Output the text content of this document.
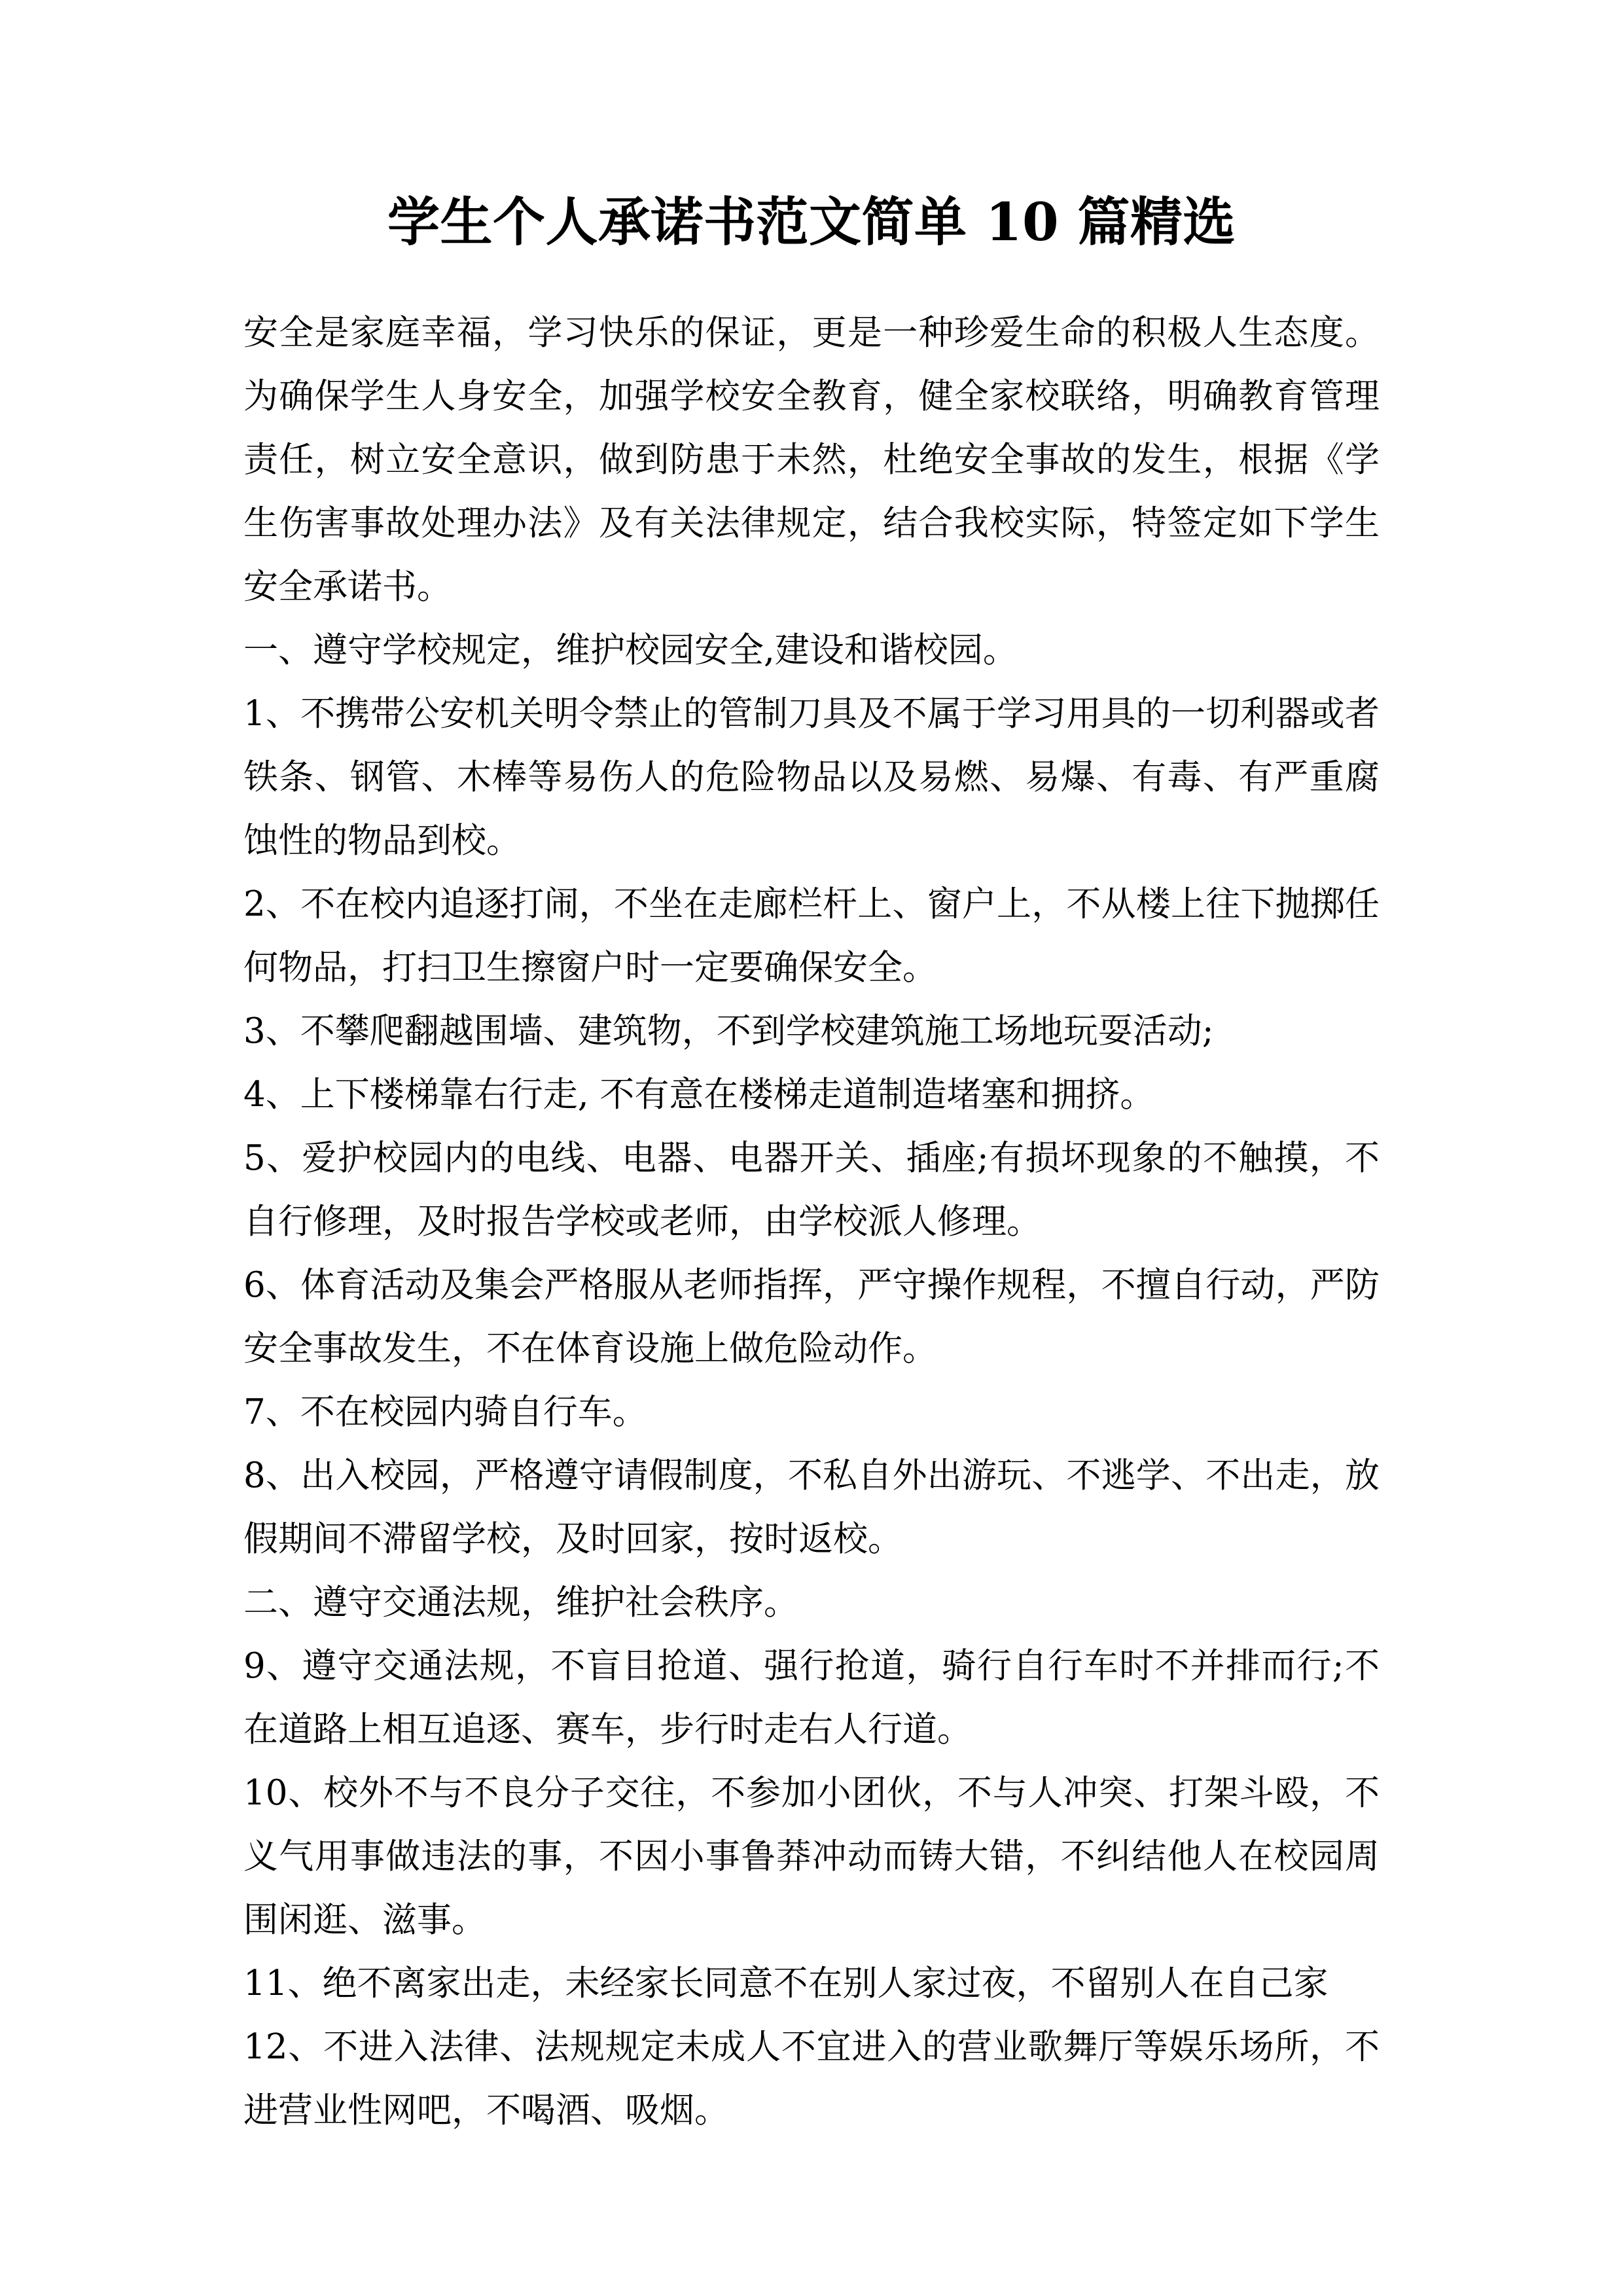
学生个人承诺书范文简单 10 篇精选

安全是家庭幸福，学习快乐的保证，更是一种珍爱生命的积极人生态度。为确保学生人身安全，加强学校安全教育，健全家校联络，明确教育管理责任，树立安全意识，做到防患于未然，杜绝安全事故的发生，根据《学生伤害事故处理办法》及有关法律规定，结合我校实际，特签定如下学生安全承诺书。

一、遵守学校规定，维护校园安全,建设和谐校园。

1、不携带公安机关明令禁止的管制刀具及不属于学习用具的一切利器或者铁条、钢管、木棒等易伤人的危险物品以及易燃、易爆、有毒、有严重腐蚀性的物品到校。

2、不在校内追逐打闹，不坐在走廊栏杆上、窗户上，不从楼上往下抛掷任何物品，打扫卫生擦窗户时一定要确保安全。

3、不攀爬翻越围墙、建筑物，不到学校建筑施工场地玩耍活动;

4、上下楼梯靠右行走, 不有意在楼梯走道制造堵塞和拥挤。

5、爱护校园内的电线、电器、电器开关、插座;有损坏现象的不触摸，不自行修理，及时报告学校或老师，由学校派人修理。

6、体育活动及集会严格服从老师指挥，严守操作规程，不擅自行动，严防安全事故发生，不在体育设施上做危险动作。

7、不在校园内骑自行车。

8、出入校园，严格遵守请假制度，不私自外出游玩、不逃学、不出走，放假期间不滞留学校，及时回家，按时返校。

二、遵守交通法规，维护社会秩序。

9、遵守交通法规，不盲目抢道、强行抢道，骑行自行车时不并排而行;不在道路上相互追逐、赛车，步行时走右人行道。

10、校外不与不良分子交往，不参加小团伙，不与人冲突、打架斗殴，不义气用事做违法的事，不因小事鲁莽冲动而铸大错，不纠结他人在校园周围闲逛、滋事。

11、绝不离家出走，未经家长同意不在别人家过夜，不留别人在自己家

12、不进入法律、法规规定未成人不宜进入的营业歌舞厅等娱乐场所，不进营业性网吧，不喝酒、吸烟。
